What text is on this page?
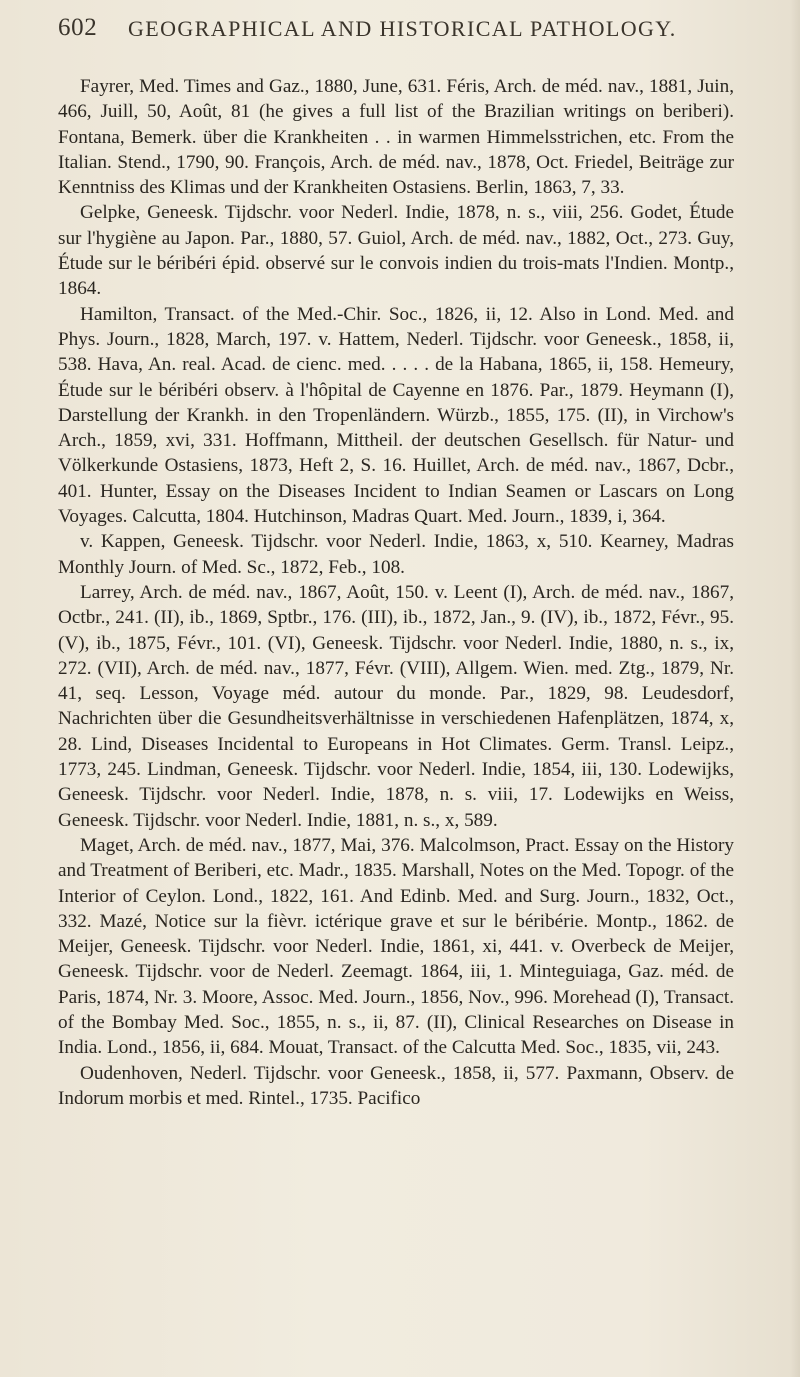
602 GEOGRAPHICAL AND HISTORICAL PATHOLOGY.

Fayrer, Med. Times and Gaz., 1880, June, 631. Féris, Arch. de méd. nav., 1881, Juin, 466, Juill, 50, Août, 81 (he gives a full list of the Brazilian writings on beriberi). Fontana, Bemerk. über die Krankheiten . . in warmen Himmelsstrichen, etc. From the Italian. Stend., 1790, 90. François, Arch. de méd. nav., 1878, Oct. Friedel, Beiträge zur Kenntniss des Klimas und der Krankheiten Ostasiens. Berlin, 1863, 7, 33.

Gelpke, Geneesk. Tijdschr. voor Nederl. Indie, 1878, n. s., viii, 256. Godet, Étude sur l'hygiène au Japon. Par., 1880, 57. Guiol, Arch. de méd. nav., 1882, Oct., 273. Guy, Étude sur le béribéri épid. observé sur le convois indien du trois-mats l'Indien. Montp., 1864.

Hamilton, Transact. of the Med.-Chir. Soc., 1826, ii, 12. Also in Lond. Med. and Phys. Journ., 1828, March, 197. v. Hattem, Nederl. Tijdschr. voor Geneesk., 1858, ii, 538. Hava, An. real. Acad. de cienc. med. . . . . de la Habana, 1865, ii, 158. Hemeury, Étude sur le béribéri observ. à l'hôpital de Cayenne en 1876. Par., 1879. Heymann (I), Darstellung der Krankh. in den Tropenländern. Würzb., 1855, 175. (II), in Virchow's Arch., 1859, xvi, 331. Hoffmann, Mittheil. der deutschen Gesellsch. für Natur- und Völkerkunde Ostasiens, 1873, Heft 2, S. 16. Huillet, Arch. de méd. nav., 1867, Dcbr., 401. Hunter, Essay on the Diseases Incident to Indian Seamen or Lascars on Long Voyages. Calcutta, 1804. Hutchinson, Madras Quart. Med. Journ., 1839, i, 364.

v. Kappen, Geneesk. Tijdschr. voor Nederl. Indie, 1863, x, 510. Kearney, Madras Monthly Journ. of Med. Sc., 1872, Feb., 108.

Larrey, Arch. de méd. nav., 1867, Août, 150. v. Leent (I), Arch. de méd. nav., 1867, Octbr., 241. (II), ib., 1869, Sptbr., 176. (III), ib., 1872, Jan., 9. (IV), ib., 1872, Févr., 95. (V), ib., 1875, Févr., 101. (VI), Geneesk. Tijdschr. voor Nederl. Indie, 1880, n. s., ix, 272. (VII), Arch. de méd. nav., 1877, Févr. (VIII), Allgem. Wien. med. Ztg., 1879, Nr. 41, seq. Lesson, Voyage méd. autour du monde. Par., 1829, 98. Leudesdorf, Nachrichten über die Gesundheitsverhältnisse in verschiedenen Hafenplätzen, 1874, x, 28. Lind, Diseases Incidental to Europeans in Hot Climates. Germ. Transl. Leipz., 1773, 245. Lindman, Geneesk. Tijdschr. voor Nederl. Indie, 1854, iii, 130. Lodewijks, Geneesk. Tijdschr. voor Nederl. Indie, 1878, n. s. viii, 17. Lodewijks en Weiss, Geneesk. Tijdschr. voor Nederl. Indie, 1881, n. s., x, 589.

Maget, Arch. de méd. nav., 1877, Mai, 376. Malcolmson, Pract. Essay on the History and Treatment of Beriberi, etc. Madr., 1835. Marshall, Notes on the Med. Topogr. of the Interior of Ceylon. Lond., 1822, 161. And Edinb. Med. and Surg. Journ., 1832, Oct., 332. Mazé, Notice sur la fièvr. ictérique grave et sur le béribérie. Montp., 1862. de Meijer, Geneesk. Tijdschr. voor Nederl. Indie, 1861, xi, 441. v. Overbeck de Meijer, Geneesk. Tijdschr. voor de Nederl. Zeemagt. 1864, iii, 1. Minteguiaga, Gaz. méd. de Paris, 1874, Nr. 3. Moore, Assoc. Med. Journ., 1856, Nov., 996. Morehead (I), Transact. of the Bombay Med. Soc., 1855, n. s., ii, 87. (II), Clinical Researches on Disease in India. Lond., 1856, ii, 684. Mouat, Transact. of the Calcutta Med. Soc., 1835, vii, 243.

Oudenhoven, Nederl. Tijdschr. voor Geneesk., 1858, ii, 577. Paxmann, Observ. de Indorum morbis et med. Rintel., 1735. Pacifico
